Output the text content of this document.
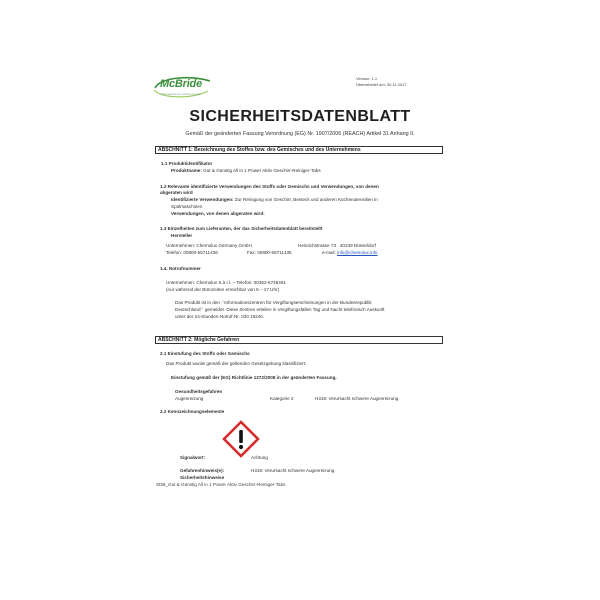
McBride
Fabricantes de marca privada
Version: 1.1
Überarbeitet am: 30.11.2017
SICHERHEITSDATENBLATT
Gemäß der geänderten Fassung Verordnung (EG) Nr. 1907/2006 (REACH) Artikel 31 Anhang II.
ABSCHNITT 1: Bezeichnung des Stoffes bzw. des Gemisches und des Unternehmens
1.1 Produktidentifikator
Produktname: Gut & Günstig All in 1 Power Aktiv Geschirr-Reiniger-Tabs
1.2 Relevante identifizierte Verwendungen des Stoffs oder Gemischs und Verwendungen, von denen
abgeraten wird
Identifizierte Verwendungen: Zur Reinigung von Geschirr, Besteck und anderen Küchenutensilien in
Spülmaschinen
Verwendungen, von denen abgeraten wird:
1.3 Einzelheiten zum Lieferanten, der das Sicherheitsdatenblatt bereitstellt
Hersteller
Unternehmen: Chemolux Germany GmbH	Heinrichstrasse 73 . 40239 Düsseldorf
Telefon: 00800-55711436	Fax: 00800-55711435	e-mail: info@chemolux.info
1.4. Notrufnummer
Unternehmen: Chemolux S.à r.l. – Telefon: 00352-5748491
(nur während der Bürozeiten erreichbar von 8 – 17 Uhr)
Das Produkt ist in den ``Informationszentren für Vergiftungserscheinungen in der Bundesrepublik
Deutschland`` gemeldet. Diese Zentren erteilen in Vergiftungsfällen Tag und Nacht telefonisch Auskunft
unter der 24-Stunden-Notruf-Nr. 030 19240.
ABSCHNITT 2: Mögliche Gefahren
2.1 Einstufung des Stoffs oder Gemischs
Das Produkt wurde gemäß der geltenden Gesetzgebung klassifiziert:
Einstufung gemäß der (EG) Richtlinie 1272/2008 in der geänderten Fassung.
Gesundheitsgefahren
Augenreizung	Kategorie 2	H319: Verursacht schwere Augenreizung.
2.2 Kennzeichnungselemente
Signalwort:	Achtung
Gefahrenhinweis(e):	H319: Verursacht schwere Augenreizung.
Sicherheitshinweise
SDB_Gut & Günstig All in 1 Power Aktiv Geschirr-Reiniger-Tabs
